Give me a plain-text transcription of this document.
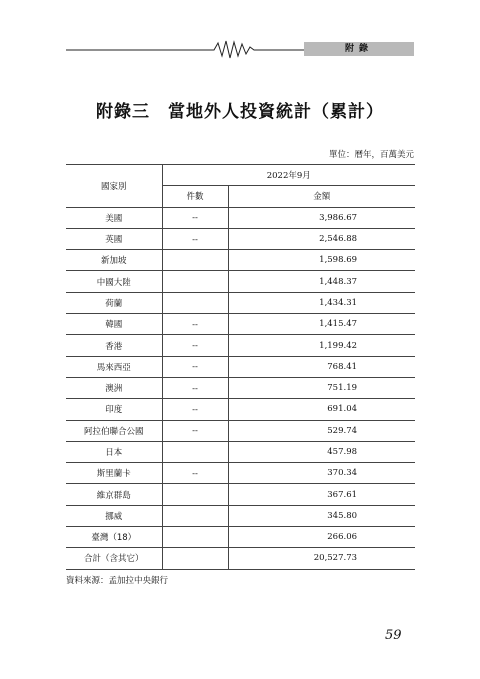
附錄
附錄三　當地外人投資統計（累計）
單位：曆年，百萬美元
國家別	2022年9月	
	件數	金額
美國	--	3,986.67
英國	--	2,546.88
新加坡		1,598.69
中國大陸		1,448.37
荷蘭		1,434.31
韓國	--	1,415.47
香港	--	1,199.42
馬來西亞	--	768.41
澳洲	--	751.19
印度	--	691.04
阿拉伯聯合公國	--	529.74
日本		457.98
斯里蘭卡	--	370.34
維京群島		367.61
挪威		345.80
臺灣（18）		266.06
合計（含其它）		20,527.73
資料來源：孟加拉中央銀行
59
